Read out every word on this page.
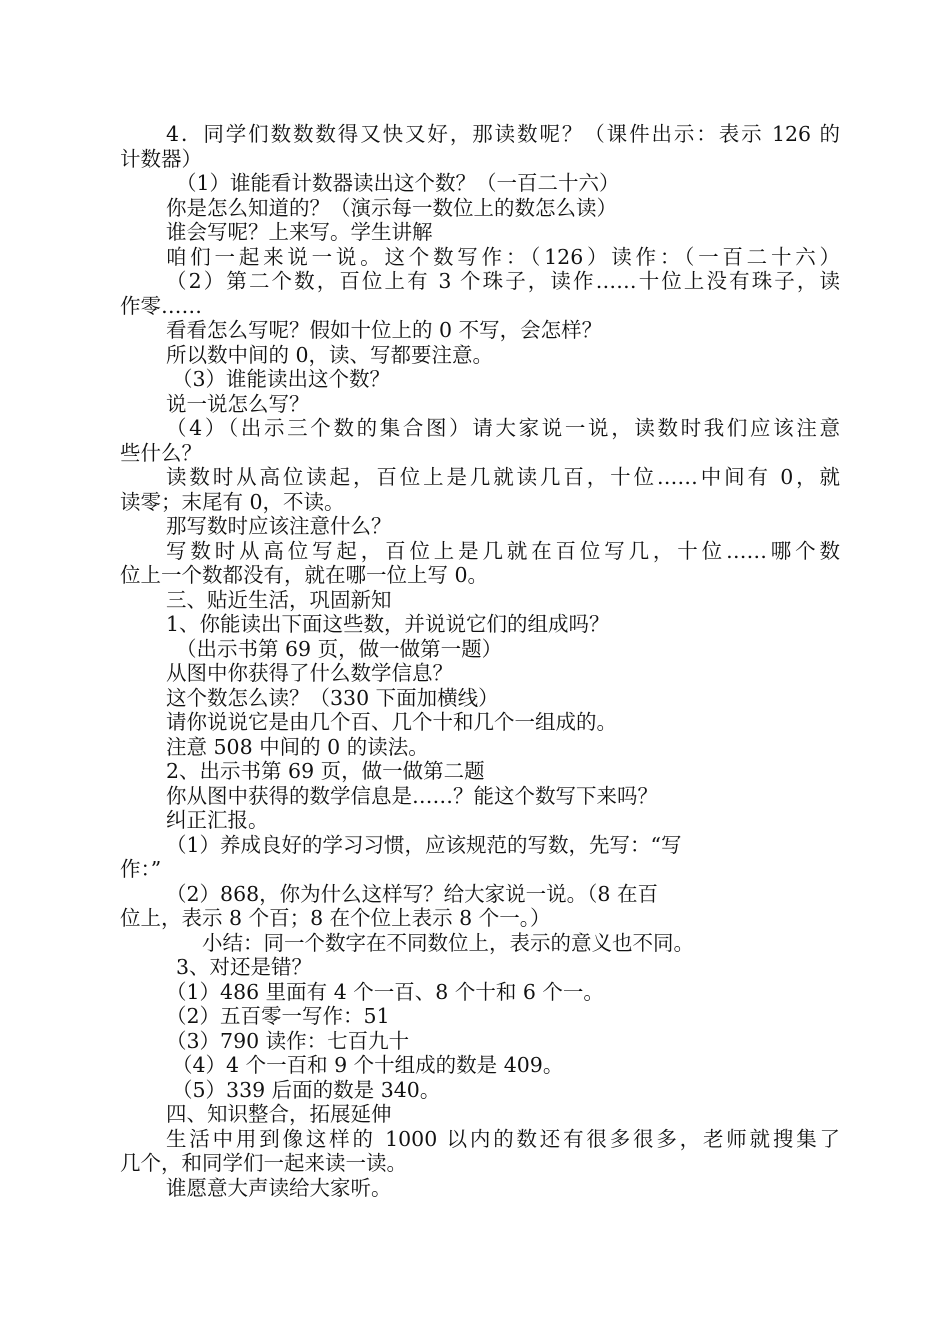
4．同学们数数数得又快又好，那读数呢？（课件出示：表示 126 的
计数器）
（1）谁能看计数器读出这个数？（一百二十六）
你是怎么知道的？（演示每一数位上的数怎么读）
谁会写呢？上来写。学生讲解
咱们一起来说一说。这个数写作：（126）读作：（一百二十六）
（2）第二个数，百位上有 3 个珠子，读作……十位上没有珠子，读
作零……
看看怎么写呢？假如十位上的 0 不写，会怎样？
所以数中间的 0，读、写都要注意。
（3）谁能读出这个数？
说一说怎么写？
（4）（出示三个数的集合图）请大家说一说，读数时我们应该注意
些什么？
读数时从高位读起，百位上是几就读几百，十位……中间有 0，就
读零；末尾有 0，不读。
那写数时应该注意什么？
写数时从高位写起，百位上是几就在百位写几，十位……哪个数
位上一个数都没有，就在哪一位上写 0。
三、贴近生活，巩固新知
1、你能读出下面这些数，并说说它们的组成吗？
（出示书第 69 页，做一做第一题）
从图中你获得了什么数学信息？
这个数怎么读？（330 下面加横线）
请你说说它是由几个百、几个十和几个一组成的。
注意 508 中间的 0 的读法。
2、出示书第 69 页，做一做第二题
你从图中获得的数学信息是……？能这个数写下来吗？
纠正汇报。
（1）养成良好的学习习惯，应该规范的写数，先写：“写
作：”
（2）868，你为什么这样写？给大家说一说。（8 在百
位上，表示 8 个百；8 在个位上表示 8 个一。）
小结：同一个数字在不同数位上，表示的意义也不同。
3、对还是错？
（1）486 里面有 4 个一百、8 个十和 6 个一。
（2）五百零一写作：51
（3）790 读作：七百九十
（4）4 个一百和 9 个十组成的数是 409。
（5）339 后面的数是 340。
四、知识整合，拓展延伸
生活中用到像这样的 1000 以内的数还有很多很多，老师就搜集了
几个，和同学们一起来读一读。
谁愿意大声读给大家听。
